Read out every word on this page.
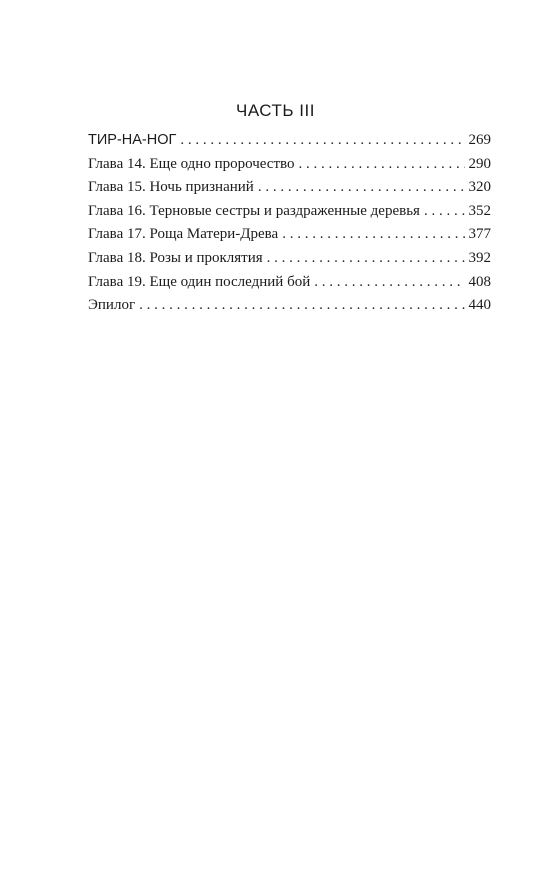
ЧАСТЬ III
ТИР-НА-НОГ . . .	269
Глава 14. Еще одно пророчество . . .	290
Глава 15. Ночь признаний . . .	320
Глава 16. Терновые сестры и раздраженные деревья . . .	352
Глава 17. Роща Матери-Древа . . .	377
Глава 18. Розы и проклятия . . .	392
Глава 19. Еще один последний бой . . .	408
Эпилог . . .	440
